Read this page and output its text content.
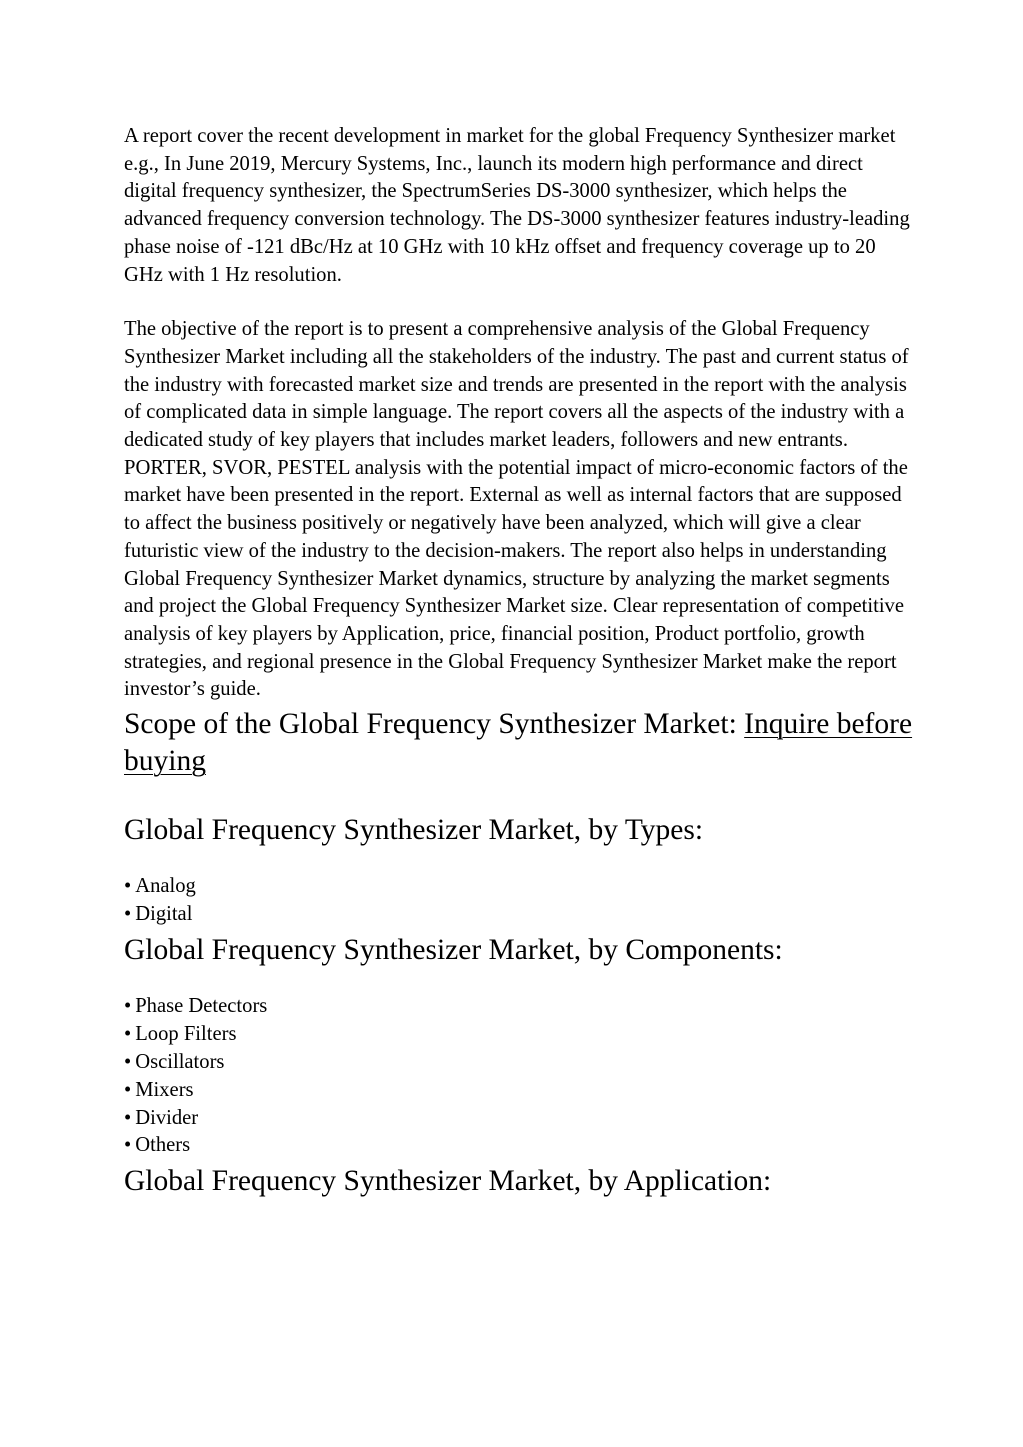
A report cover the recent development in market for the global Frequency Synthesizer market e.g., In June 2019, Mercury Systems, Inc., launch its modern high performance and direct digital frequency synthesizer, the SpectrumSeries DS-3000 synthesizer, which helps the advanced frequency conversion technology. The DS-3000 synthesizer features industry-leading phase noise of -121 dBc/Hz at 10 GHz with 10 kHz offset and frequency coverage up to 20 GHz with 1 Hz resolution.

The objective of the report is to present a comprehensive analysis of the Global Frequency Synthesizer Market including all the stakeholders of the industry. The past and current status of the industry with forecasted market size and trends are presented in the report with the analysis of complicated data in simple language. The report covers all the aspects of the industry with a dedicated study of key players that includes market leaders, followers and new entrants. PORTER, SVOR, PESTEL analysis with the potential impact of micro-economic factors of the market have been presented in the report. External as well as internal factors that are supposed to affect the business positively or negatively have been analyzed, which will give a clear futuristic view of the industry to the decision-makers. The report also helps in understanding Global Frequency Synthesizer Market dynamics, structure by analyzing the market segments and project the Global Frequency Synthesizer Market size. Clear representation of competitive analysis of key players by Application, price, financial position, Product portfolio, growth strategies, and regional presence in the Global Frequency Synthesizer Market make the report investor’s guide.

Scope of the Global Frequency Synthesizer Market: Inquire before buying
Global Frequency Synthesizer Market, by Types:
• Analog
• Digital
Global Frequency Synthesizer Market, by Components:
• Phase Detectors
• Loop Filters
• Oscillators
• Mixers
• Divider
• Others
Global Frequency Synthesizer Market, by Application:
